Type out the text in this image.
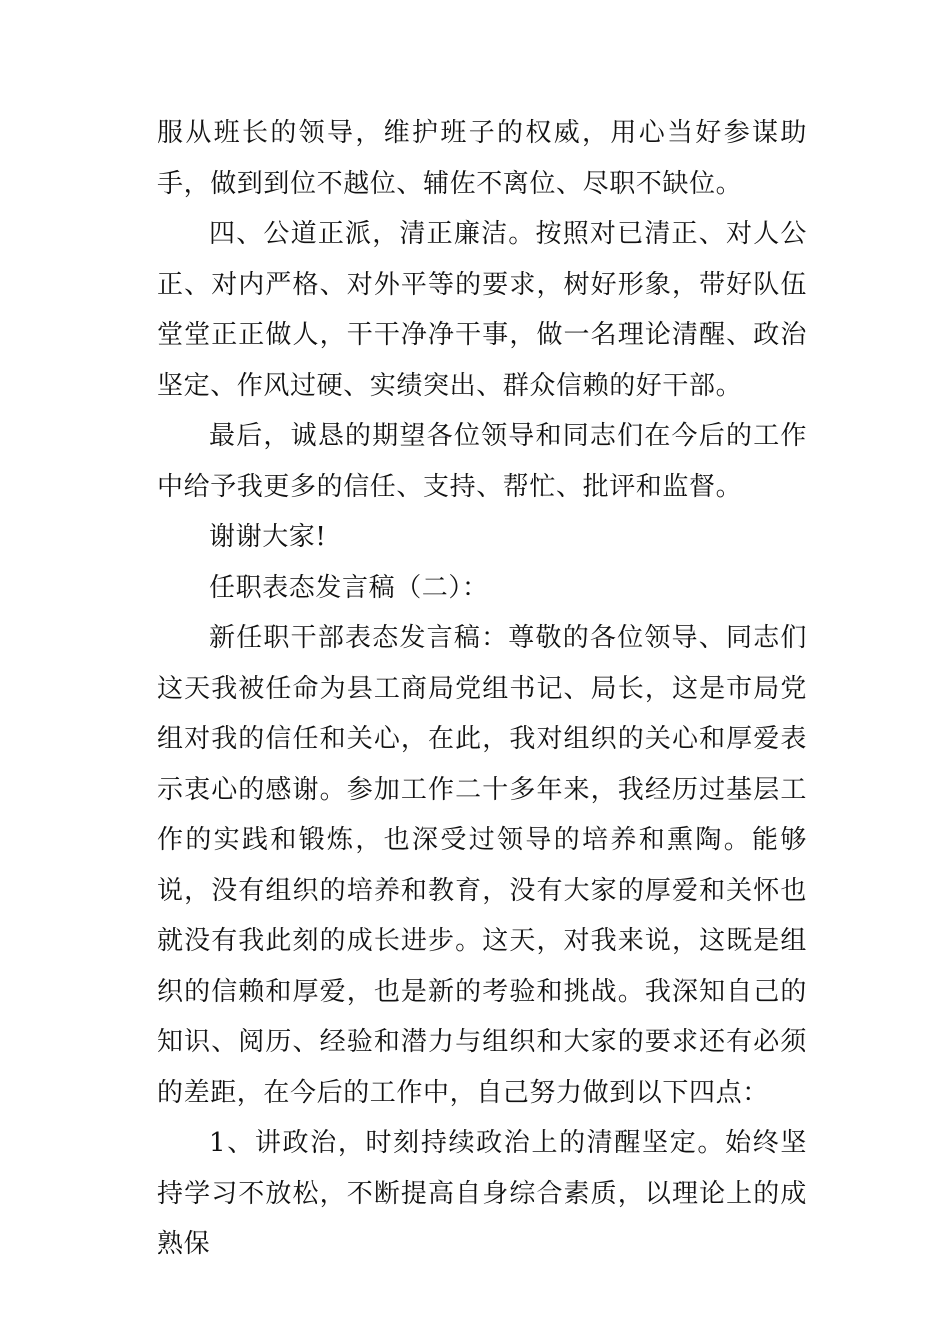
服从班长的领导，维护班子的权威，用心当好参谋助手，做到到位不越位、辅佐不离位、尽职不缺位。

四、公道正派，清正廉洁。按照对已清正、对人公正、对内严格、对外平等的要求，树好形象，带好队伍堂堂正正做人，干干净净干事，做一名理论清醒、政治坚定、作风过硬、实绩突出、群众信赖的好干部。

最后，诚恳的期望各位领导和同志们在今后的工作中给予我更多的信任、支持、帮忙、批评和监督。

谢谢大家!

任职表态发言稿（二）：

新任职干部表态发言稿：尊敬的各位领导、同志们这天我被任命为县工商局党组书记、局长，这是市局党组对我的信任和关心，在此，我对组织的关心和厚爱表示衷心的感谢。参加工作二十多年来，我经历过基层工作的实践和锻炼，也深受过领导的培养和熏陶。能够说，没有组织的培养和教育，没有大家的厚爱和关怀也就没有我此刻的成长进步。这天，对我来说，这既是组织的信赖和厚爱，也是新的考验和挑战。我深知自己的知识、阅历、经验和潜力与组织和大家的要求还有必须的差距，在今后的工作中，自己努力做到以下四点：

1、讲政治，时刻持续政治上的清醒坚定。始终坚持学习不放松，不断提高自身综合素质，以理论上的成熟保
